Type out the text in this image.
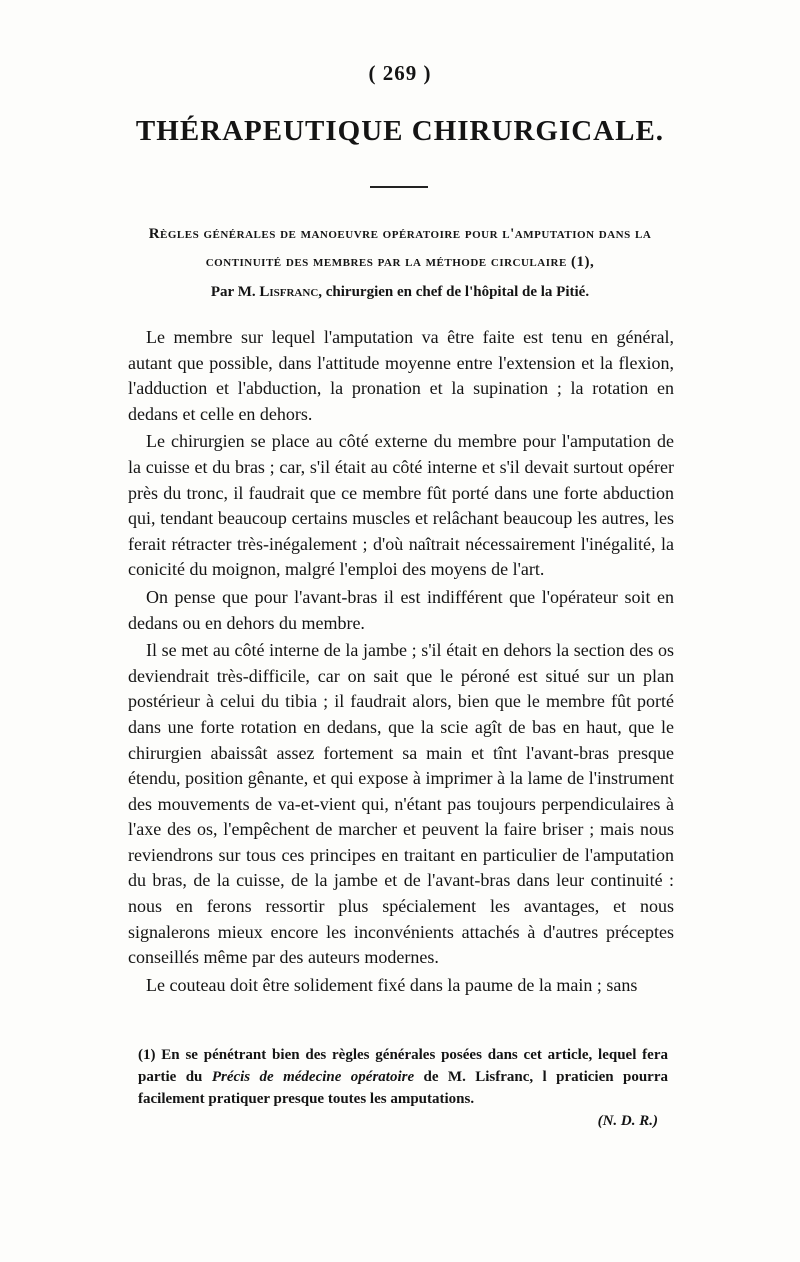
( 269 )
THÉRAPEUTIQUE CHIRURGICALE.
Règles générales de manoeuvre opératoire pour l'amputation dans la continuité des membres par la méthode circulaire (1),
Par M. Lisfranc, chirurgien en chef de l'hôpital de la Pitié.

Le membre sur lequel l'amputation va être faite est tenu en général, autant que possible, dans l'attitude moyenne entre l'extension et la flexion, l'adduction et l'abduction, la pronation et la supination ; la rotation en dedans et celle en dehors.

Le chirurgien se place au côté externe du membre pour l'amputation de la cuisse et du bras ; car, s'il était au côté interne et s'il devait surtout opérer près du tronc, il faudrait que ce membre fût porté dans une forte abduction qui, tendant beaucoup certains muscles et relâchant beaucoup les autres, les ferait rétracter très-inégalement ; d'où naîtrait nécessairement l'inégalité, la conicité du moignon, malgré l'emploi des moyens de l'art.

On pense que pour l'avant-bras il est indifférent que l'opérateur soit en dedans ou en dehors du membre.

Il se met au côté interne de la jambe ; s'il était en dehors la section des os deviendrait très-difficile, car on sait que le péroné est situé sur un plan postérieur à celui du tibia ; il faudrait alors, bien que le membre fût porté dans une forte rotation en dedans, que la scie agît de bas en haut, que le chirurgien abaissât assez fortement sa main et tînt l'avant-bras presque étendu, position gênante, et qui expose à imprimer à la lame de l'instrument des mouvements de va-et-vient qui, n'étant pas toujours perpendiculaires à l'axe des os, l'empêchent de marcher et peuvent la faire briser ; mais nous reviendrons sur tous ces principes en traitant en particulier de l'amputation du bras, de la cuisse, de la jambe et de l'avant-bras dans leur continuité : nous en ferons ressortir plus spécialement les avantages, et nous signalerons mieux encore les inconvénients attachés à d'autres préceptes conseillés même par des auteurs modernes.

Le couteau doit être solidement fixé dans la paume de la main ; sans

(1) En se pénétrant bien des règles générales posées dans cet article, lequel fera partie du Précis de médecine opératoire de M. Lisfranc, l praticien pourra facilement pratiquer presque toutes les amputations.
(N. D. R.)
